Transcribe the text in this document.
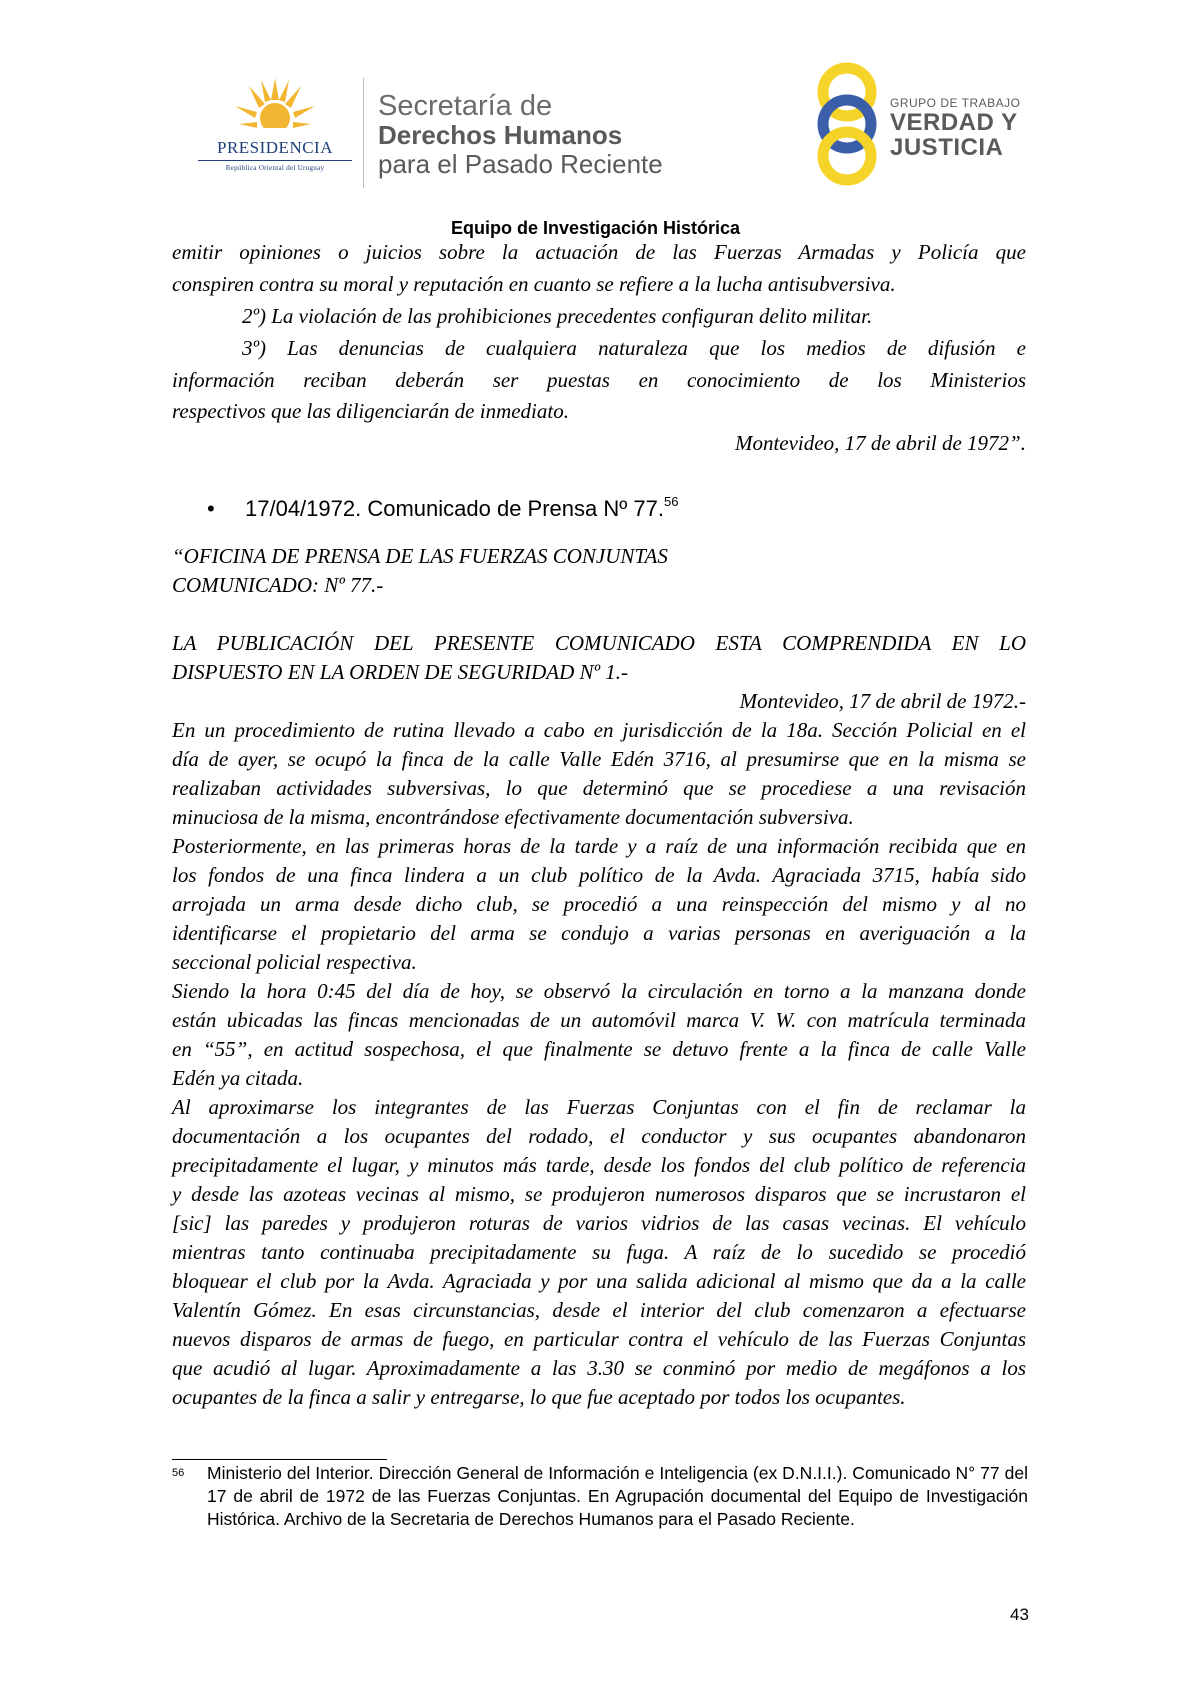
PRESIDENCIA
República Oriental del Uruguay
Secretaría de
Derechos Humanos
para el Pasado Reciente
GRUPO DE TRABAJO
VERDAD Y
JUSTICIA
Equipo de Investigación Histórica
emitir opiniones o juicios sobre la actuación de las Fuerzas Armadas y Policía que
conspiren contra su moral y reputación en cuanto se refiere a la lucha antisubversiva.
2º) La violación de las prohibiciones precedentes configuran delito militar.
3º) Las denuncias de cualquiera naturaleza que los medios de difusión e
información reciban deberán ser puestas en conocimiento de los Ministerios
respectivos que las diligenciarán de inmediato.
Montevideo, 17 de abril de 1972”.
• 17/04/1972. Comunicado de Prensa Nº 77.56
“OFICINA DE PRENSA DE LAS FUERZAS CONJUNTAS
COMUNICADO: Nº 77.-
LA PUBLICACIÓN DEL PRESENTE COMUNICADO ESTA COMPRENDIDA EN LO
DISPUESTO EN LA ORDEN DE SEGURIDAD Nº 1.-
Montevideo, 17 de abril de 1972.-
En un procedimiento de rutina llevado a cabo en jurisdicción de la 18a. Sección Policial en el
día de ayer, se ocupó la finca de la calle Valle Edén 3716, al presumirse que en la misma se
realizaban actividades subversivas, lo que determinó que se procediese a una revisación
minuciosa de la misma, encontrándose efectivamente documentación subversiva.
Posteriormente, en las primeras horas de la tarde y a raíz de una información recibida que en
los fondos de una finca lindera a un club político de la Avda. Agraciada 3715, había sido
arrojada un arma desde dicho club, se procedió a una reinspección del mismo y al no
identificarse el propietario del arma se condujo a varias personas en averiguación a la
seccional policial respectiva.
Siendo la hora 0:45 del día de hoy, se observó la circulación en torno a la manzana donde
están ubicadas las fincas mencionadas de un automóvil marca V. W. con matrícula terminada
en “55”, en actitud sospechosa, el que finalmente se detuvo frente a la finca de calle Valle
Edén ya citada.
Al aproximarse los integrantes de las Fuerzas Conjuntas con el fin de reclamar la
documentación a los ocupantes del rodado, el conductor y sus ocupantes abandonaron
precipitadamente el lugar, y minutos más tarde, desde los fondos del club político de referencia
y desde las azoteas vecinas al mismo, se produjeron numerosos disparos que se incrustaron el
[sic] las paredes y produjeron roturas de varios vidrios de las casas vecinas. El vehículo
mientras tanto continuaba precipitadamente su fuga. A raíz de lo sucedido se procedió
bloquear el club por la Avda. Agraciada y por una salida adicional al mismo que da a la calle
Valentín Gómez. En esas circunstancias, desde el interior del club comenzaron a efectuarse
nuevos disparos de armas de fuego, en particular contra el vehículo de las Fuerzas Conjuntas
que acudió al lugar. Aproximadamente a las 3.30 se conminó por medio de megáfonos a los
ocupantes de la finca a salir y entregarse, lo que fue aceptado por todos los ocupantes.
56 Ministerio del Interior. Dirección General de Información e Inteligencia (ex D.N.I.I.). Comunicado N° 77 del 17 de abril de 1972 de las Fuerzas Conjuntas. En Agrupación documental del Equipo de Investigación Histórica. Archivo de la Secretaria de Derechos Humanos para el Pasado Reciente.
43
